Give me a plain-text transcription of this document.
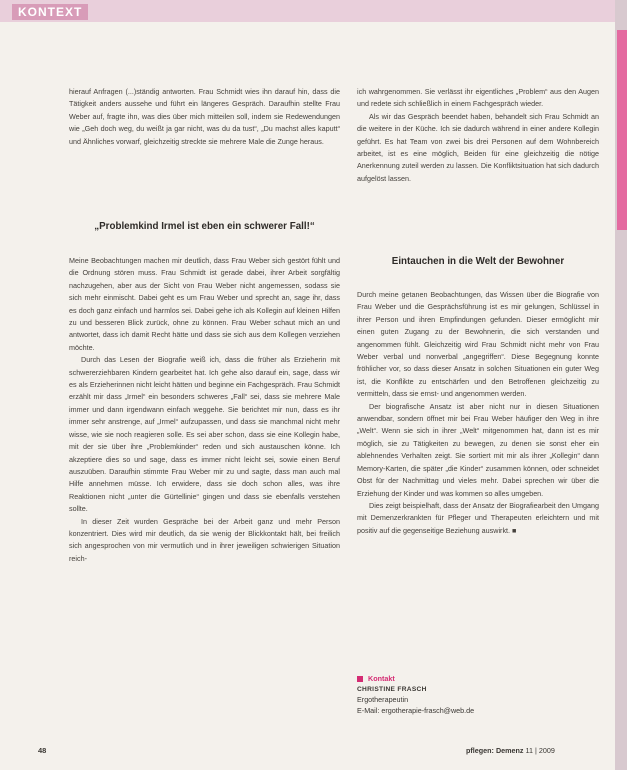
KONTEXT

hierauf Anfragen (...)ständig antworten. Frau Schmidt wies ihn darauf hin, dass die Tätigkeit anders aussehe und führt ein längeres Gespräch. Daraufhin stellte Frau Weber auf, fragte ihn, was dies über mich mitteilen soll, indem sie Redewendungen wie „Geh doch weg, du weißt ja gar nicht, was du da tust“, „Du machst alles kaputt“ und Ähnliches vorwarf, gleichzeitig streckte sie mehrere Male die Zunge heraus.

„Problemkind Irmel ist eben ein schwerer Fall!“

Meine Beobachtungen machen mir deutlich, dass Frau Weber sich gestört fühlt und die Ordnung stören muss. Frau Schmidt ist gerade dabei, ihrer Arbeit sorgfältig nachzugehen, aber aus der Sicht von Frau Weber nicht angemessen, sodass sie sich mehr einmischt. Dabei geht es um Frau Weber und sprecht an, sage ihr, dass es doch ganz einfach und harmlos sei. Dabei gehe ich als Kollegin auf kleinen Hilfen zu und besseren Blick zurück, ohne zu können. Frau Weber schaut mich an und antwortet, dass ich damit Recht hätte und dass sie sich aus dem Kollegen verziehen möchte.

Durch das Lesen der Biografie weiß ich, dass die früher als Erzieherin mit schwererziehbaren Kindern gearbeitet hat. Ich gehe also darauf ein, sage, dass wir es als Erzieherinnen nicht leicht hätten und beginne ein Fachgespräch. Frau Schmidt erzählt mir dass „Irmel“ ein besonders schweres „Fall“ sei, dass sie mehrere Male immer und dann irgendwann einfach weggehe. Sie berichtet mir nun, dass es ihr immer sehr anstrenge, auf „Irmel“ aufzupassen, und dass sie manchmal nicht mehr wisse, wie sie noch reagieren solle. Es sei aber schon, dass sie eine Kollegin habe, mit der sie über ihre „Problemkinder“ reden und sich austauschen könne. Ich akzeptiere dies so und sage, dass es immer nicht leicht sei, sowie einen Beruf auszuüben. Daraufhin stimmte Frau Weber mir zu und sagte, dass man auch mal Hilfe annehmen müsse. Ich erwidere, dass sie doch schon alles, was ihre Reaktionen nicht „unter die Gürtellinie“ gingen und dass sie ebenfalls verstehen sollte.

In dieser Zeit wurden Gespräche bei der Arbeit ganz und mehr Person konzentriert. Dies wird mir deutlich, da sie wenig der Blickkontakt hält, bei freilich sich angesprochen von mir vermutlich und in ihrer jeweiligen schwierigen Situation reich-

ich wahrgenommen. Sie verlässt ihr eigentliches „Problem“ aus den Augen und redete sich schließlich in einem Fachgespräch wieder.

Als wir das Gespräch beendet haben, behandelt sich Frau Schmidt an die weitere in der Küche. Ich sie dadurch während in einer andere Kollegin geführt. Es hat Team von zwei bis drei Personen auf dem Wohnbereich arbeitet, ist es eine möglich, Beiden für eine gleichzeitig die nötige Anerkennung zuteil werden zu lassen. Die Konfliktsituation hat sich dadurch aufgelöst lassen.

Eintauchen in die Welt der Bewohner

Durch meine getanen Beobachtungen, das Wissen über die Biografie von Frau Weber und die Gesprächsführung ist es mir gelungen, Schlüssel in ihrer Person und ihren Empfindungen gefunden. Dieser ermöglicht mir einen guten Zugang zu der Bewohnerin, die sich verstanden und angenommen fühlt. Gleichzeitig wird Frau Schmidt nicht mehr von Frau Weber verbal und nonverbal „angegriffen“. Diese Begegnung konnte fröhlicher vor, so dass dieser Ansatz in solchen Situationen ein guter Weg ist, die Konflikte zu entschärfen und den Betroffenen gleichzeitig zu vermitteln, dass sie ernst- und angenommen werden.

Der biografische Ansatz ist aber nicht nur in diesen Situationen anwendbar, sondern öffnet mir bei Frau Weber häufiger den Weg in ihre „Welt“. Wenn sie sich in ihrer „Welt“ mitgenommen hat, dann ist es mir möglich, sie zu Tätigkeiten zu bewegen, zu denen sie sonst eher ein ablehnendes Verhalten zeigt. Sie sortiert mit mir als ihrer „Kollegin“ dann Memory-Karten, die später „die Kinder“ zusammen können, oder schneidet Obst für der Nachmittag und vieles mehr. Dabei sprechen wir über die Erziehung der Kinder und was kommen so alles umgeben.

Dies zeigt beispielhaft, dass der Ansatz der Biografiearbeit den Umgang mit Demenzerkrankten für Pfleger und Therapeuten erleichtern und mit positiv auf die gegenseitige Beziehung auswirkt. ■

Kontakt
CHRISTINE FRASCH
Ergotherapeutin
E-Mail: ergotherapie-frasch@web.de
48	pflegen: Demenz 11 | 2009
